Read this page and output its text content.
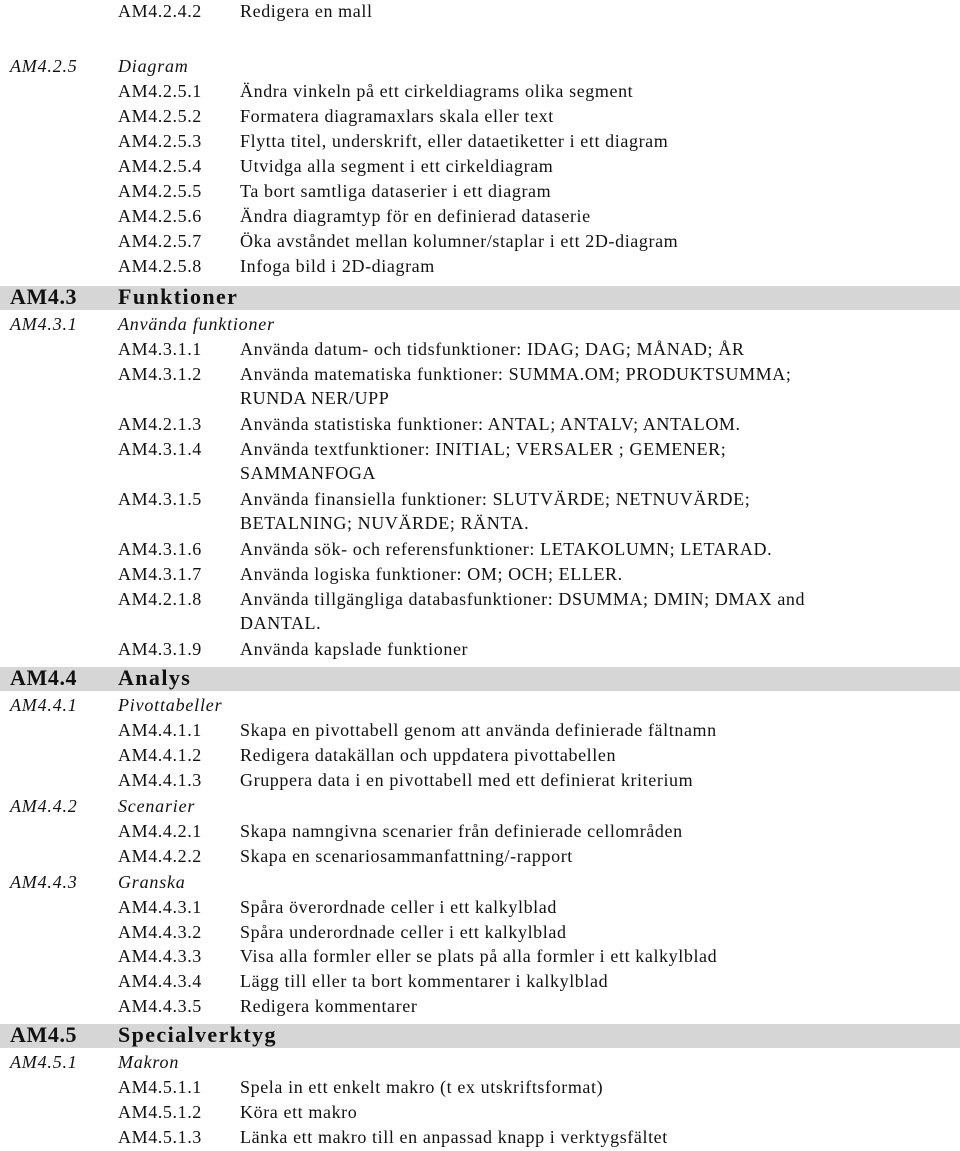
AM4.2.4.2 Redigera en mall
AM4.2.5 Diagram
AM4.2.5.1 Ändra vinkeln på ett cirkeldiagrams olika segment
AM4.2.5.2 Formatera diagramaxlars skala eller text
AM4.2.5.3 Flytta titel, underskrift, eller dataetiketter i ett diagram
AM4.2.5.4 Utvidga alla segment i ett cirkeldiagram
AM4.2.5.5 Ta bort samtliga dataserier i ett diagram
AM4.2.5.6 Ändra diagramtyp för en definierad dataserie
AM4.2.5.7 Öka avståndet mellan kolumner/staplar i ett 2D-diagram
AM4.2.5.8 Infoga bild i 2D-diagram
AM4.3 Funktioner
AM4.3.1 Använda funktioner
AM4.3.1.1 Använda datum- och tidsfunktioner: IDAG; DAG; MÅNAD; ÅR
AM4.3.1.2 Använda matematiska funktioner: SUMMA.OM; PRODUKTSUMMA;
RUNDA NER/UPP
AM4.2.1.3 Använda statistiska funktioner: ANTAL; ANTALV; ANTALOM.
AM4.3.1.4 Använda textfunktioner: INITIAL; VERSALER ; GEMENER;
SAMMANFOGA
AM4.3.1.5 Använda finansiella funktioner: SLUTVÄRDE; NETNUVÄRDE;
BETALNING; NUVÄRDE; RÄNTA.
AM4.3.1.6 Använda sök- och referensfunktioner: LETAKOLUMN; LETARAD.
AM4.3.1.7 Använda logiska funktioner: OM; OCH; ELLER.
AM4.2.1.8 Använda tillgängliga databasfunktioner: DSUMMA; DMIN; DMAX and
DANTAL.
AM4.3.1.9 Använda kapslade funktioner
AM4.4 Analys
AM4.4.1 Pivottabeller
AM4.4.1.1 Skapa en pivottabell genom att använda definierade fältnamn
AM4.4.1.2 Redigera datakällan och uppdatera pivottabellen
AM4.4.1.3 Gruppera data i en pivottabell med ett definierat kriterium
AM4.4.2 Scenarier
AM4.4.2.1 Skapa namngivna scenarier från definierade cellområden
AM4.4.2.2 Skapa en scenariosammanfattning/-rapport
AM4.4.3 Granska
AM4.4.3.1 Spåra överordnade celler i ett kalkylblad
AM4.4.3.2 Spåra underordnade celler i ett kalkylblad
AM4.4.3.3 Visa alla formler eller se plats på alla formler i ett kalkylblad
AM4.4.3.4 Lägg till eller ta bort kommentarer i kalkylblad
AM4.4.3.5 Redigera kommentarer
AM4.5 Specialverktyg
AM4.5.1 Makron
AM4.5.1.1 Spela in ett enkelt makro (t ex utskriftsformat)
AM4.5.1.2 Köra ett makro
AM4.5.1.3 Länka ett makro till en anpassad knapp i verktygsfältet
